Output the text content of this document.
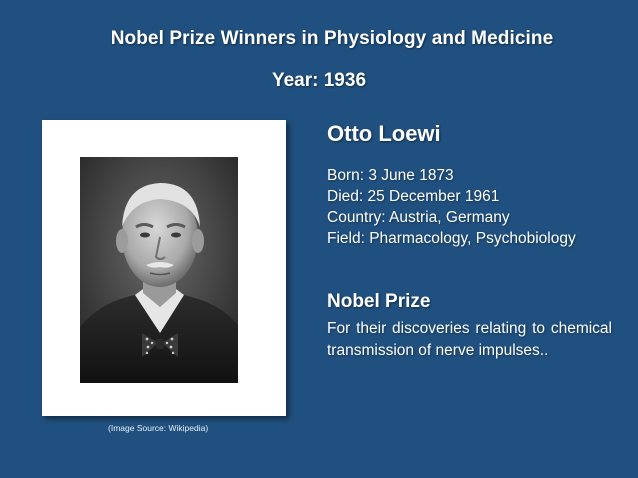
Nobel Prize Winners in Physiology and Medicine
Year: 1936
(Image Source: Wikipedia)
Otto Loewi
Born: 3 June 1873
Died: 25 December 1961
Country: Austria, Germany
Field: Pharmacology, Psychobiology
Nobel Prize
For their discoveries relating to chemical transmission of nerve impulses..
